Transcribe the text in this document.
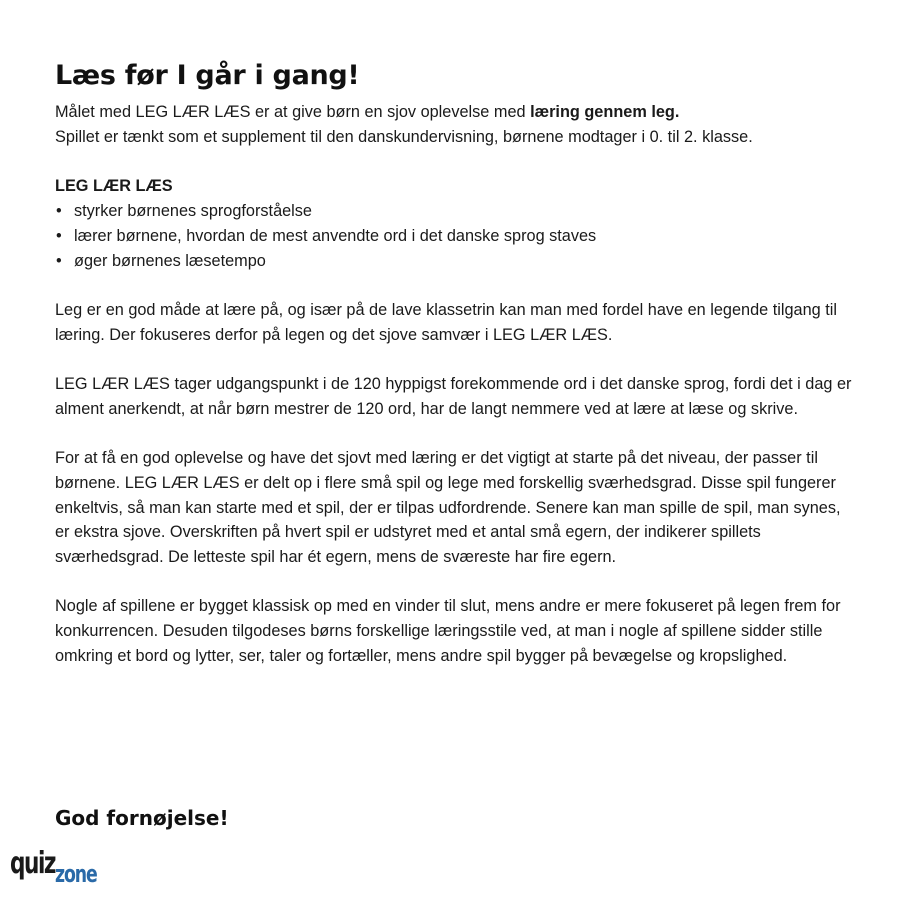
Læs før I går i gang!

Målet med LEG LÆR LÆS er at give børn en sjov oplevelse med læring gennem leg.
Spillet er tænkt som et supplement til den danskundervisning, børnene modtager i 0. til 2. klasse.

LEG LÆR LÆS

• styrker børnenes sprogforståelse
• lærer børnene, hvordan de mest anvendte ord i det danske sprog staves
• øger børnenes læsetempo

Leg er en god måde at lære på, og især på de lave klassetrin kan man med fordel have en legende tilgang til læring. Der fokuseres derfor på legen og det sjove samvær i LEG LÆR LÆS.

LEG LÆR LÆS tager udgangspunkt i de 120 hyppigst forekommende ord i det danske sprog, fordi det i dag er alment anerkendt, at når børn mestrer de 120 ord, har de langt nemmere ved at lære at læse og skrive.

For at få en god oplevelse og have det sjovt med læring er det vigtigt at starte på det niveau, der passer til børnene. LEG LÆR LÆS er delt op i flere små spil og lege med forskellig sværhedsgrad. Disse spil fungerer enkeltvis, så man kan starte med et spil, der er tilpas udfordrende. Senere kan man spille de spil, man synes, er ekstra sjove. Overskriften på hvert spil er udstyret med et antal små egern, der indikerer spillets sværhedsgrad. De letteste spil har ét egern, mens de sværeste har fire egern.

Nogle af spillene er bygget klassisk op med en vinder til slut, mens andre er mere fokuseret på legen frem for konkurrencen. Desuden tilgodeses børns forskellige læringsstile ved, at man i nogle af spillene sidder stille omkring et bord og lytter, ser, taler og fortæller, mens andre spil bygger på bevægelse og kropslighed.

God fornøjelse!

quiz zone
